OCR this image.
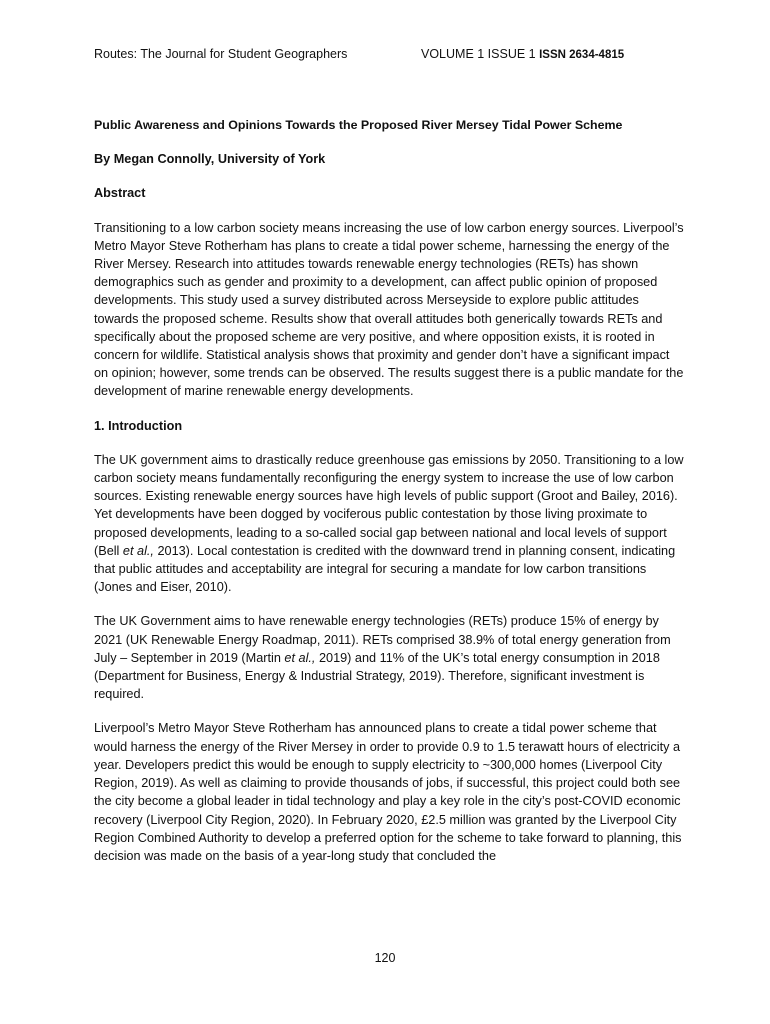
Routes: The Journal for Student Geographers	VOLUME 1 ISSUE 1 ISSN 2634-4815

Public Awareness and Opinions Towards the Proposed River Mersey Tidal Power Scheme

By Megan Connolly, University of York

Abstract

Transitioning to a low carbon society means increasing the use of low carbon energy sources. Liverpool’s Metro Mayor Steve Rotherham has plans to create a tidal power scheme, harnessing the energy of the River Mersey. Research into attitudes towards renewable energy technologies (RETs) has shown demographics such as gender and proximity to a development, can affect public opinion of proposed developments. This study used a survey distributed across Merseyside to explore public attitudes towards the proposed scheme. Results show that overall attitudes both generically towards RETs and specifically about the proposed scheme are very positive, and where opposition exists, it is rooted in concern for wildlife. Statistical analysis shows that proximity and gender don’t have a significant impact on opinion; however, some trends can be observed. The results suggest there is a public mandate for the development of marine renewable energy developments.

1. Introduction

The UK government aims to drastically reduce greenhouse gas emissions by 2050. Transitioning to a low carbon society means fundamentally reconfiguring the energy system to increase the use of low carbon sources. Existing renewable energy sources have high levels of public support (Groot and Bailey, 2016). Yet developments have been dogged by vociferous public contestation by those living proximate to proposed developments, leading to a so-called social gap between national and local levels of support (Bell et al., 2013). Local contestation is credited with the downward trend in planning consent, indicating that public attitudes and acceptability are integral for securing a mandate for low carbon transitions (Jones and Eiser, 2010).

The UK Government aims to have renewable energy technologies (RETs) produce 15% of energy by 2021 (UK Renewable Energy Roadmap, 2011). RETs comprised 38.9% of total energy generation from July – September in 2019 (Martin et al., 2019) and 11% of the UK’s total energy consumption in 2018 (Department for Business, Energy & Industrial Strategy, 2019). Therefore, significant investment is required.

Liverpool’s Metro Mayor Steve Rotherham has announced plans to create a tidal power scheme that would harness the energy of the River Mersey in order to provide 0.9 to 1.5 terawatt hours of electricity a year. Developers predict this would be enough to supply electricity to ~300,000 homes (Liverpool City Region, 2019). As well as claiming to provide thousands of jobs, if successful, this project could both see the city become a global leader in tidal technology and play a key role in the city’s post-COVID economic recovery (Liverpool City Region, 2020). In February 2020, £2.5 million was granted by the Liverpool City Region Combined Authority to develop a preferred option for the scheme to take forward to planning, this decision was made on the basis of a year-long study that concluded the

120
